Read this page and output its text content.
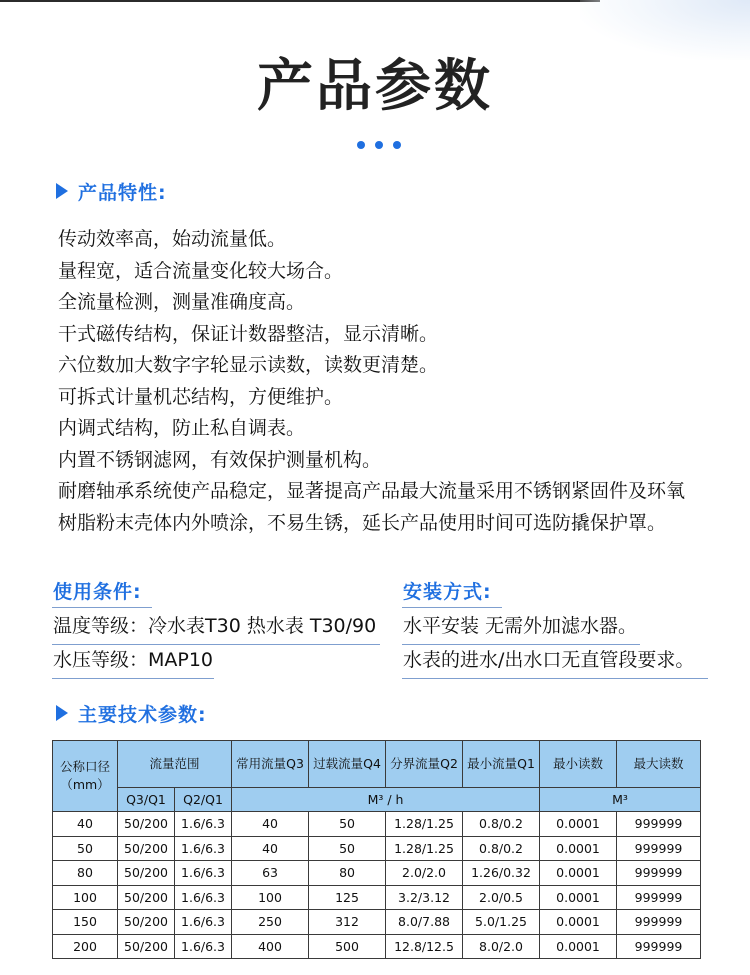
产品参数
产品特性:
传动效率高，始动流量低。
量程宽，适合流量变化较大场合。
全流量检测，测量准确度高。
干式磁传结构，保证计数器整洁，显示清晰。
六位数加大数字字轮显示读数，读数更清楚。
可拆式计量机芯结构，方便维护。
内调式结构，防止私自调表。
内置不锈钢滤网，有效保护测量机构。
耐磨轴承系统使产品稳定，显著提高产品最大流量采用不锈钢紧固件及环氧
树脂粉末壳体内外喷涂，不易生锈，延长产品使用时间可选防撬保护罩。
使用条件:
温度等级：冷水表T30 热水表 T30/90
水压等级：MAP10
安装方式:
水平安装 无需外加滤水器。
水表的进水/出水口无直管段要求。
主要技术参数:
公称口径（mm）	流量范围		常用流量Q3	过载流量Q4	分界流量Q2	最小流量Q1	最小读数	最大读数
	Q3/Q1	Q2/Q1	M³ / h				M³	
40	50/200	1.6/6.3	40	50	1.28/1.25	0.8/0.2	0.0001	999999
50	50/200	1.6/6.3	40	50	1.28/1.25	0.8/0.2	0.0001	999999
80	50/200	1.6/6.3	63	80	2.0/2.0	1.26/0.32	0.0001	999999
100	50/200	1.6/6.3	100	125	3.2/3.12	2.0/0.5	0.0001	999999
150	50/200	1.6/6.3	250	312	8.0/7.88	5.0/1.25	0.0001	999999
200	50/200	1.6/6.3	400	500	12.8/12.5	8.0/2.0	0.0001	999999
